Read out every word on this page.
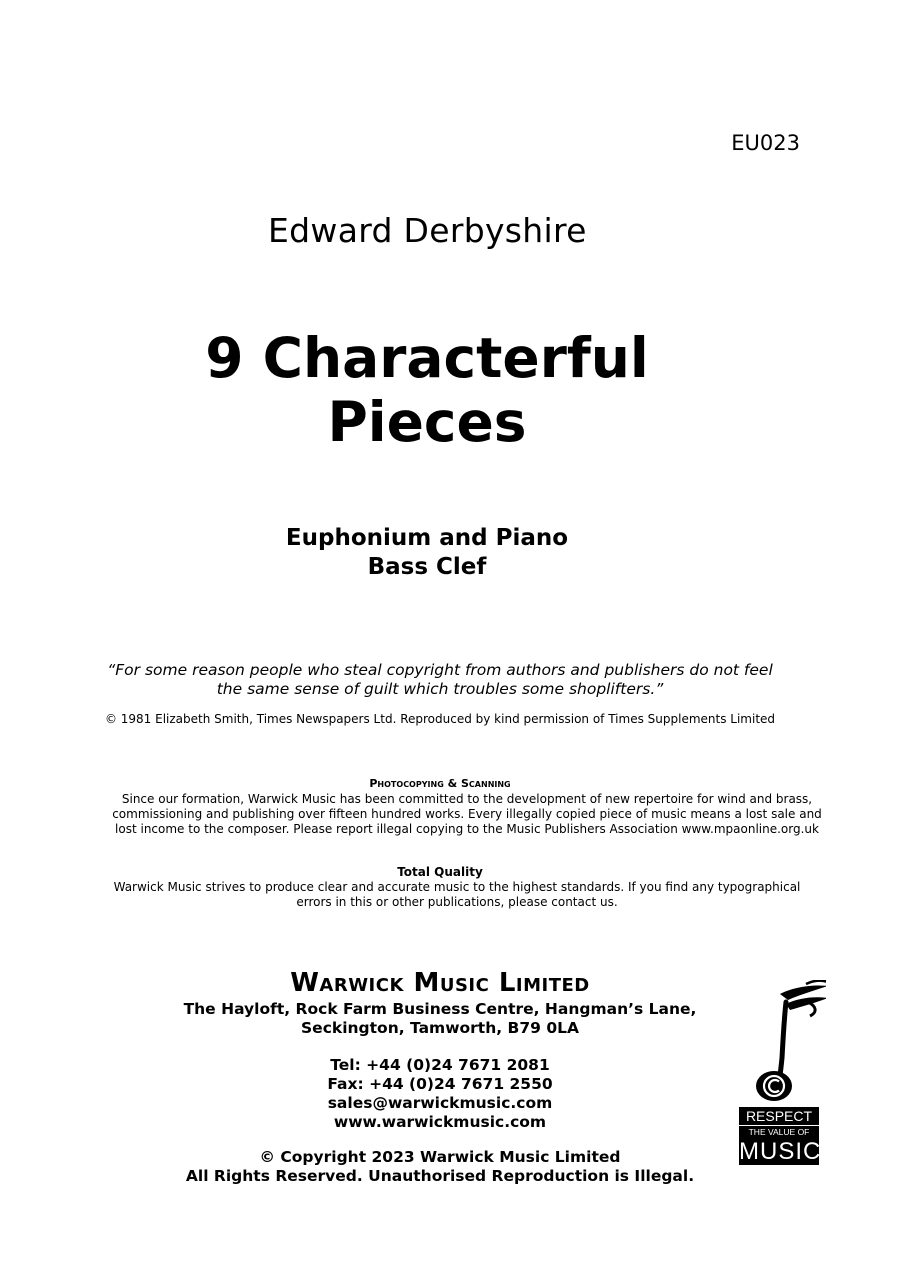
EU023
Edward Derbyshire
9 Characterful
Pieces
Euphonium and Piano
Bass Clef
“For some reason people who steal copyright from authors and publishers do not feel
the same sense of guilt which troubles some shoplifters.”
© 1981 Elizabeth Smith, Times Newspapers Ltd. Reproduced by kind permission of Times Supplements Limited
Photocopying & Scanning
Since our formation, Warwick Music has been committed to the development of new repertoire for wind and brass,
commissioning and publishing over fifteen hundred works. Every illegally copied piece of music means a lost sale and
lost income to the composer. Please report illegal copying to the Music Publishers Association www.mpaonline.org.uk
Total Quality
Warwick Music strives to produce clear and accurate music to the highest standards. If you find any typographical
errors in this or other publications, please contact us.
Warwick Music Limited
The Hayloft, Rock Farm Business Centre, Hangman’s Lane,
Seckington, Tamworth, B79 0LA
Tel: +44 (0)24 7671 2081
Fax: +44 (0)24 7671 2550
sales@warwickmusic.com
www.warwickmusic.com
© Copyright 2023 Warwick Music Limited
All Rights Reserved. Unauthorised Reproduction is Illegal.
RESPECT
THE VALUE OF
MUSIC:
